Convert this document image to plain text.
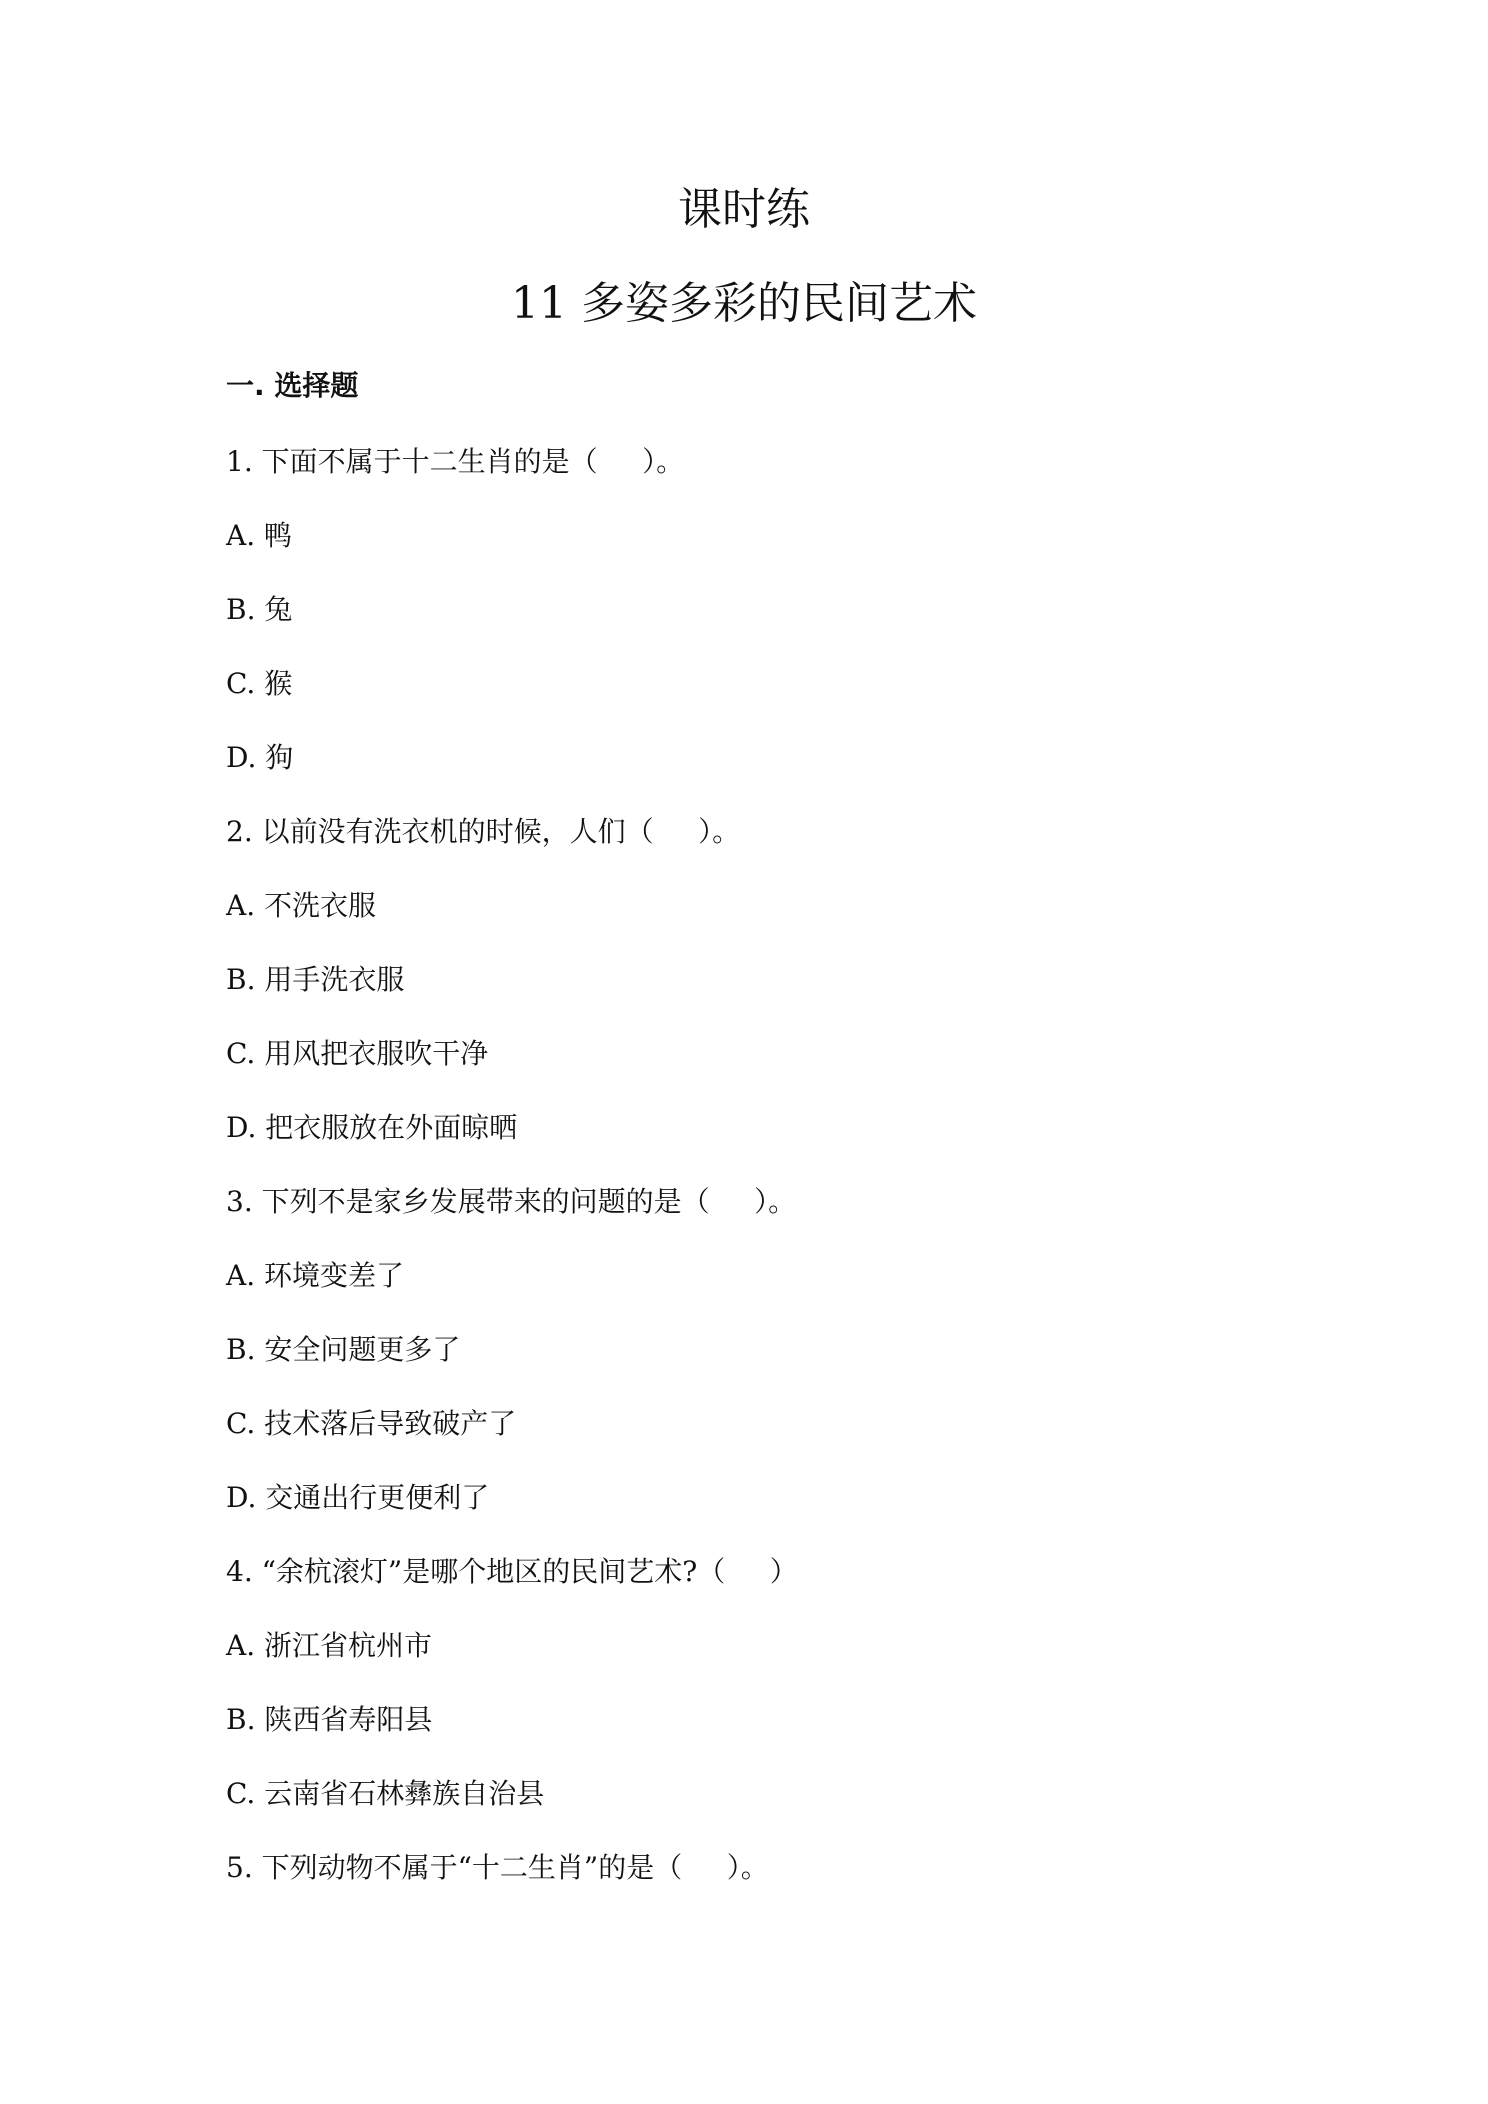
课时练
11 多姿多彩的民间艺术
一. 选择题
1. 下面不属于十二生肖的是（     ）。
A. 鸭
B. 兔
C. 猴
D. 狗
2. 以前没有洗衣机的时候，人们（     ）。
A. 不洗衣服
B. 用手洗衣服
C. 用风把衣服吹干净
D. 把衣服放在外面晾晒
3. 下列不是家乡发展带来的问题的是（     ）。
A. 环境变差了
B. 安全问题更多了
C. 技术落后导致破产了
D. 交通出行更便利了
4. “余杭滚灯”是哪个地区的民间艺术?（     ）
A. 浙江省杭州市
B. 陕西省寿阳县
C. 云南省石林彝族自治县
5. 下列动物不属于“十二生肖”的是（     ）。
